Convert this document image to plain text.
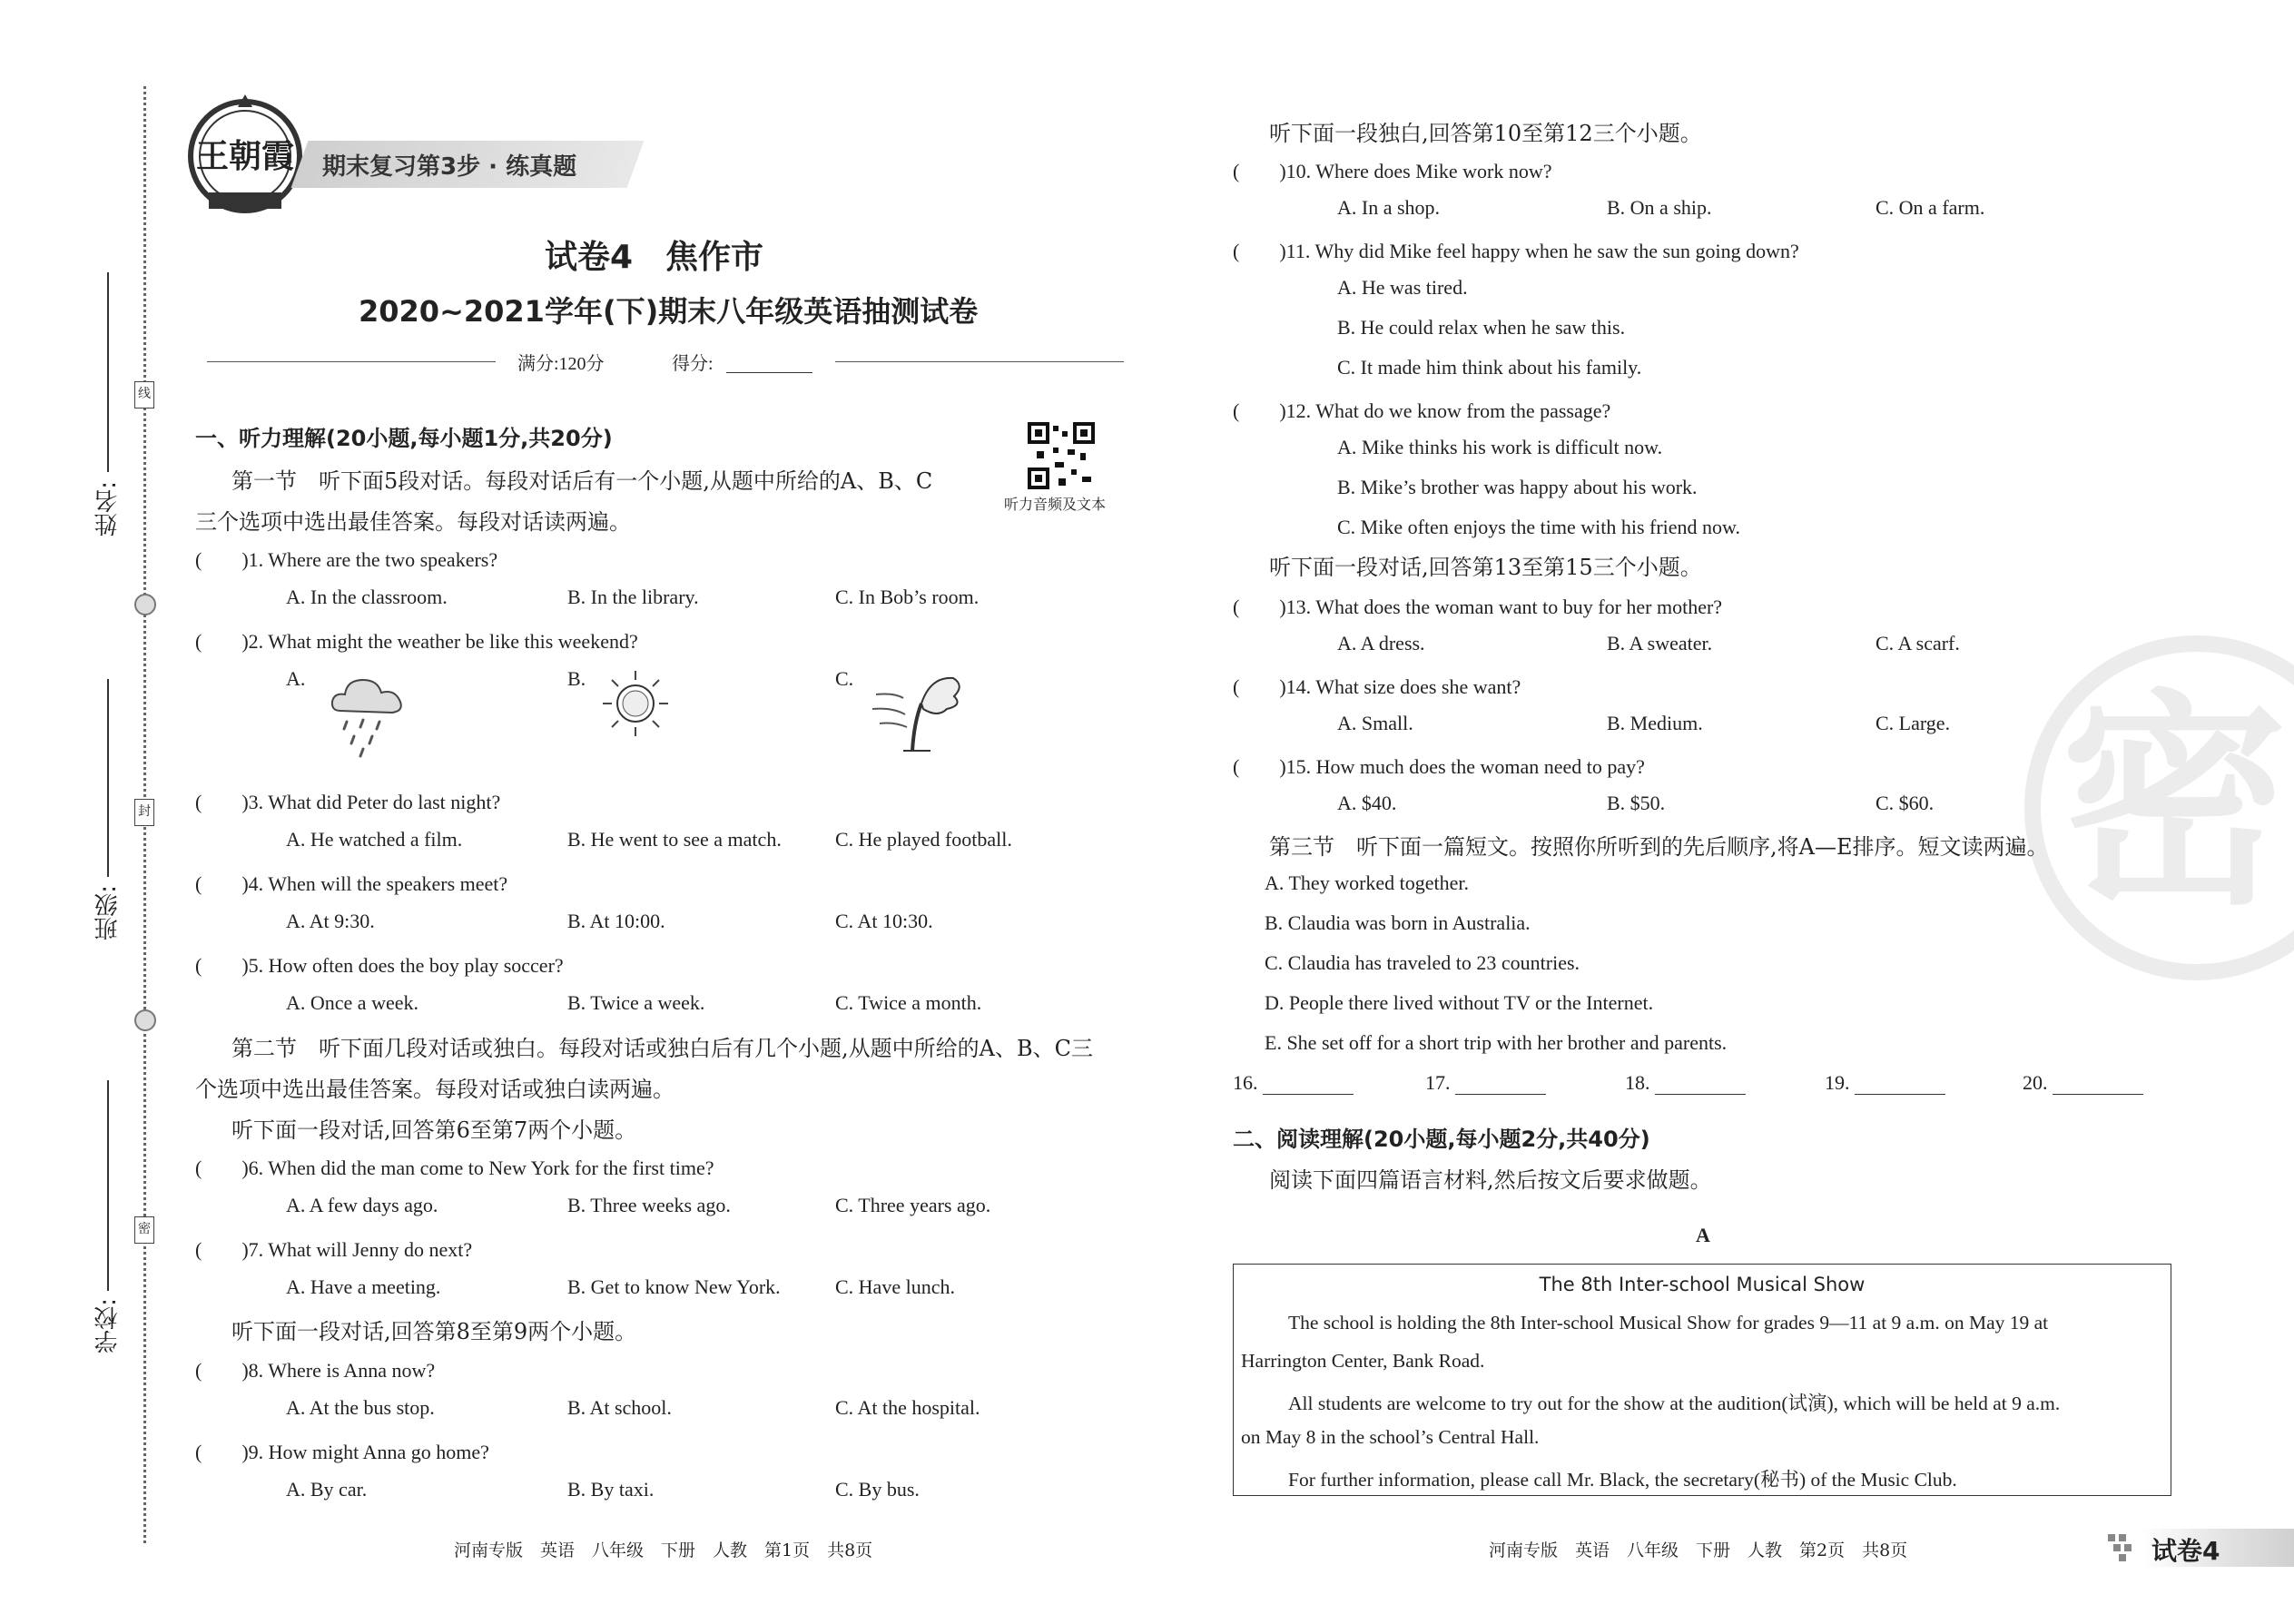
线
封
密
姓名:
班级:
学校:
王朝霞 期末复习第3步 · 练真题
试卷4　焦作市
2020~2021学年(下)期末八年级英语抽测试卷
满分:120分	得分:
听力音频及文本
一、听力理解(20小题,每小题1分,共20分)
第一节　听下面5段对话。每段对话后有一个小题,从题中所给的A、B、C
三个选项中选出最佳答案。每段对话读两遍。
(　　)1. Where are the two speakers?
A. In the classroom.	B. In the library.	C. In Bob’s room.
(　　)2. What might the weather be like this weekend?
A.	B.	C.
(　　)3. What did Peter do last night?
A. He watched a film.	B. He went to see a match.	C. He played football.
(　　)4. When will the speakers meet?
A. At 9:30.	B. At 10:00.	C. At 10:30.
(　　)5. How often does the boy play soccer?
A. Once a week.	B. Twice a week.	C. Twice a month.
第二节　听下面几段对话或独白。每段对话或独白后有几个小题,从题中所给的A、B、C三
个选项中选出最佳答案。每段对话或独白读两遍。
听下面一段对话,回答第6至第7两个小题。
(　　)6. When did the man come to New York for the first time?
A. A few days ago.	B. Three weeks ago.	C. Three years ago.
(　　)7. What will Jenny do next?
A. Have a meeting.	B. Get to know New York.	C. Have lunch.
听下面一段对话,回答第8至第9两个小题。
(　　)8. Where is Anna now?
A. At the bus stop.	B. At school.	C. At the hospital.
(　　)9. How might Anna go home?
A. By car.	B. By taxi.	C. By bus.
河南专版　英语　八年级　下册　人教　第1页　共8页
密
听下面一段独白,回答第10至第12三个小题。
(　　)10. Where does Mike work now?
A. In a shop.	B. On a ship.	C. On a farm.
(　　)11. Why did Mike feel happy when he saw the sun going down?
A. He was tired.
B. He could relax when he saw this.
C. It made him think about his family.
(　　)12. What do we know from the passage?
A. Mike thinks his work is difficult now.
B. Mike’s brother was happy about his work.
C. Mike often enjoys the time with his friend now.
听下面一段对话,回答第13至第15三个小题。
(　　)13. What does the woman want to buy for her mother?
A. A dress.	B. A sweater.	C. A scarf.
(　　)14. What size does she want?
A. Small.	B. Medium.	C. Large.
(　　)15. How much does the woman need to pay?
A. $40.	B. $50.	C. $60.
第三节　听下面一篇短文。按照你所听到的先后顺序,将A—E排序。短文读两遍。
A. They worked together.
B. Claudia was born in Australia.
C. Claudia has traveled to 23 countries.
D. People there lived without TV or the Internet.
E. She set off for a short trip with her brother and parents.
16.	17.	18.	19.	20.
二、阅读理解(20小题,每小题2分,共40分)
阅读下面四篇语言材料,然后按文后要求做题。
A
The 8th Inter-school Musical Show
The school is holding the 8th Inter-school Musical Show for grades 9—11 at 9 a.m. on May 19 at
Harrington Center, Bank Road.
All students are welcome to try out for the show at the audition(试演), which will be held at 9 a.m.
on May 8 in the school’s Central Hall.
For further information, please call Mr. Black, the secretary(秘书) of the Music Club.
河南专版　英语　八年级　下册　人教　第2页　共8页	试卷4
